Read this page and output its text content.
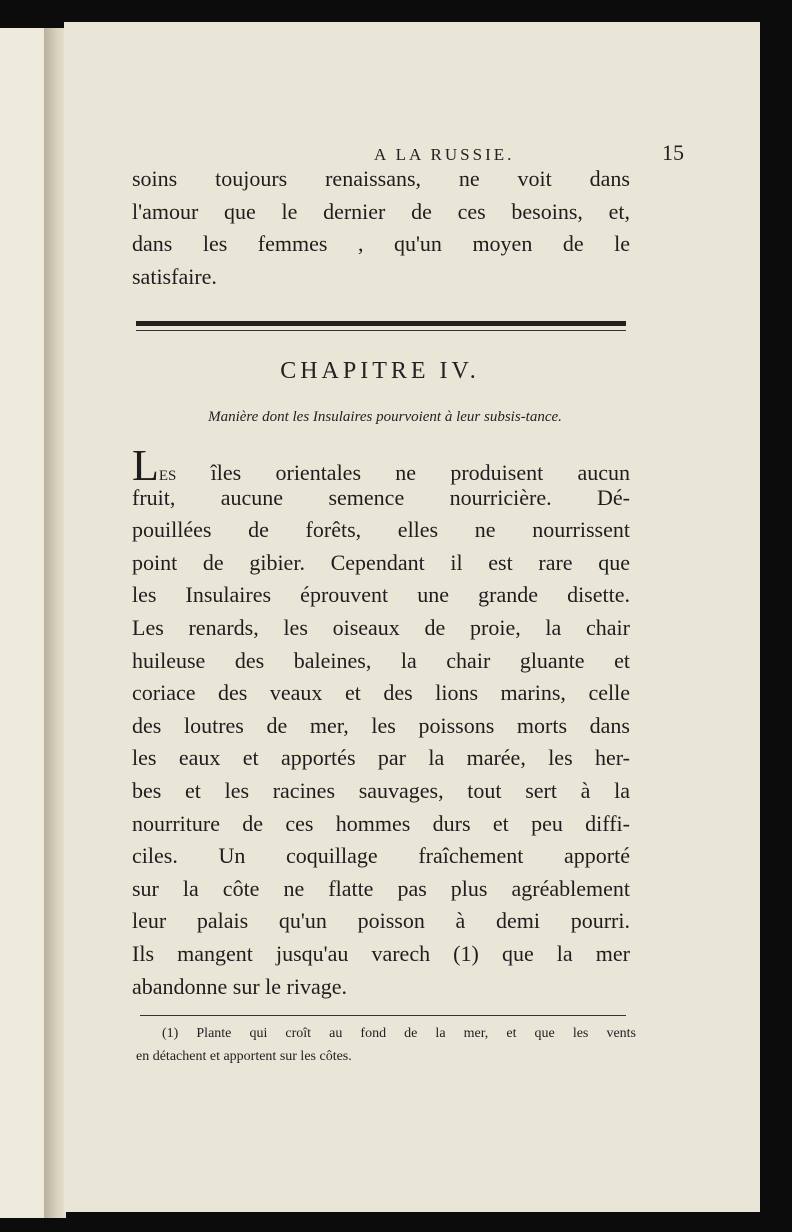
A LA RUSSIE.	15
soins toujours renaissans, ne voit dans
l'amour que le dernier de ces besoins, et,
dans les femmes , qu'un moyen de le
satisfaire.
CHAPITRE IV.
Manière dont les Insulaires pourvoient à leur subsis-tance.
LES îles orientales ne produisent aucun
fruit, aucune semence nourricière. Dé-
pouillées de forêts, elles ne nourrissent
point de gibier. Cependant il est rare que
les Insulaires éprouvent une grande disette.
Les renards, les oiseaux de proie, la chair
huileuse des baleines, la chair gluante et
coriace des veaux et des lions marins, celle
des loutres de mer, les poissons morts dans
les eaux et apportés par la marée, les her-
bes et les racines sauvages, tout sert à la
nourriture de ces hommes durs et peu diffi-
ciles. Un coquillage fraîchement apporté
sur la côte ne flatte pas plus agréablement
leur palais qu'un poisson à demi pourri.
Ils mangent jusqu'au varech (1) que la mer
abandonne sur le rivage.
(1) Plante qui croît au fond de la mer, et que les vents
en détachent et apportent sur les côtes.
